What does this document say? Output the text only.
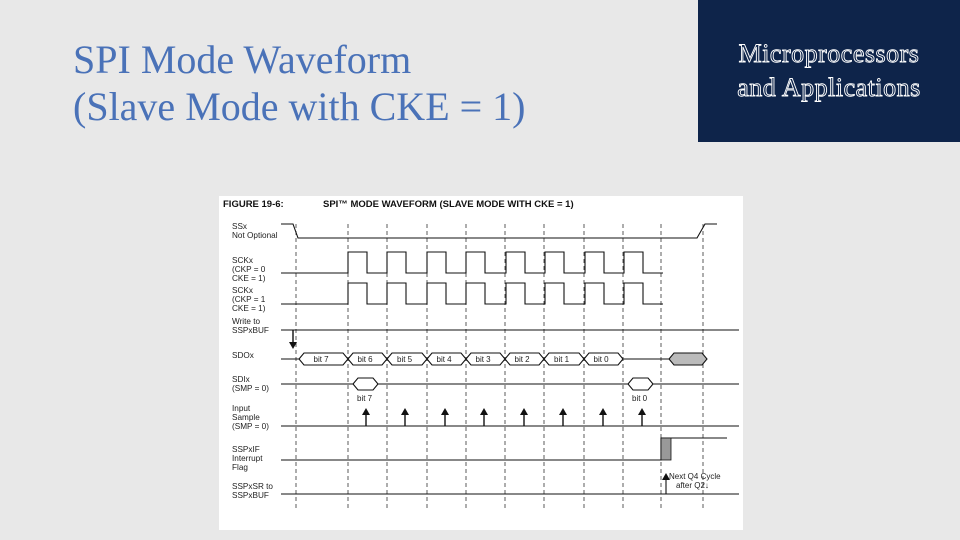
SPI Mode Waveform
(Slave Mode with CKE = 1)
Microprocessors
and Applications
FIGURE 19-6:	SPI™ MODE WAVEFORM (SLAVE MODE WITH CKE = 1)
SSx Not Optional
SCKx (CKP = 0 CKE = 1)
SCKx (CKP = 1 CKE = 1)
Write to SSPxBUF
SDOx
SDIx (SMP = 0)
Input Sample (SMP = 0)
SSPxIF Interrupt Flag
SSPxSR to SSPxBUF
bit 7	bit 6	bit 5	bit 4	bit 3	bit 2	bit 1	bit 0
bit 7	bit 0
Next Q4 Cycle
after Q2↓
